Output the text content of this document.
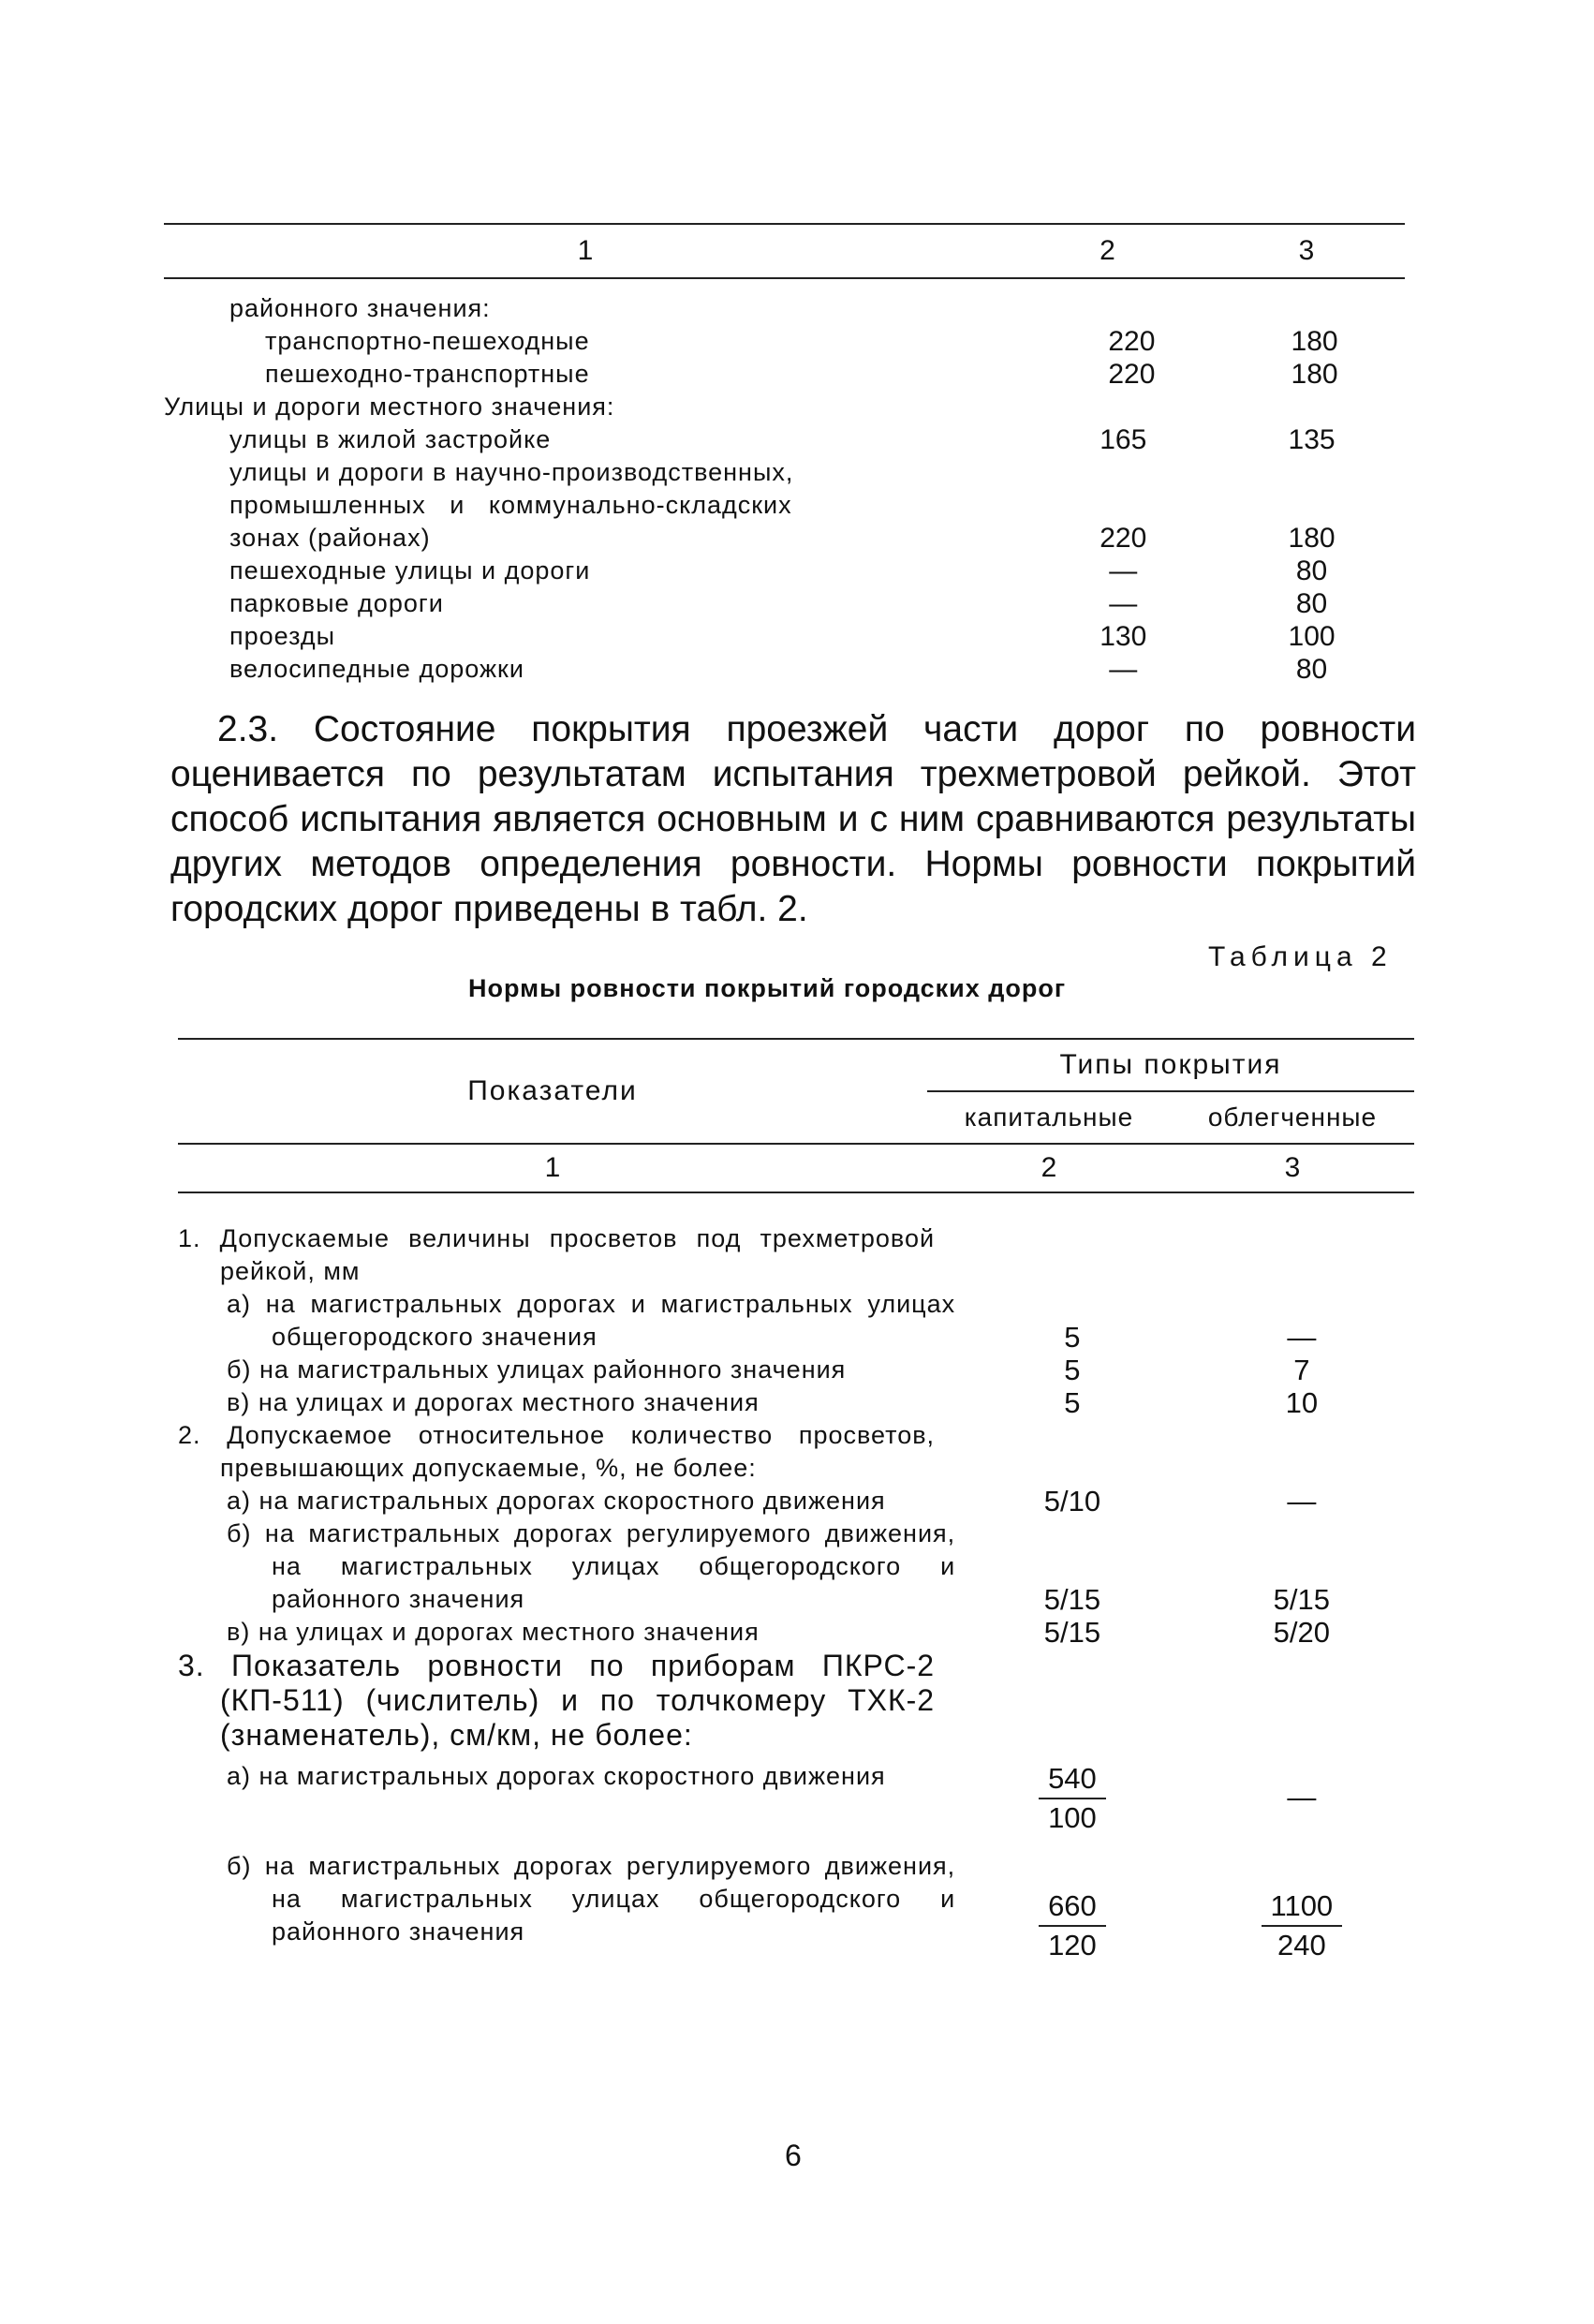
1	2	3
районного значения:
транспортно-пешеходные	220	180
пешеходно-транспортные	220	180
Улицы и дороги местного значения:
улицы в жилой застройке	165	135
улицы и дороги в научно-производственных,
промышленных   и   коммунально-складских
зонах (районах)	220	180
пешеходные улицы и дороги	—	80
парковые дороги	—	80
проезды	130	100
велосипедные дорожки	—	80

2.3. Состояние покрытия проезжей части дорог по ровности оценивается по результатам испытания трехметровой рейкой. Этот способ испытания является основным и с ним сравниваются результаты других методов определения ровности. Нормы ровности покрытий городских дорог приведены в табл. 2.

Таблица 2
Нормы ровности покрытий городских дорог
Показатели
Типы покрытия
капитальные	облегченные
1	2	3
1. Допускаемые величины просветов под трехметровой рейкой, мм
а) на магистральных дорогах и магистральных улицах общегородского значения	5	—
б) на магистральных улицах районного значения	5	7
в) на улицах и дорогах местного значения	5	10
2. Допускаемое относительное количество просветов, превышающих допускаемые, %, не более:
а) на магистральных дорогах скоростного движения	5/10	—
б) на магистральных дорогах регулируемого движения, на магистральных улицах общегородского и районного значения	5/15	5/15
в) на улицах и дорогах местного значения	5/15	5/20
3. Показатель ровности по приборам ПКРС-2 (КП-511) (числитель) и по толчкомеру ТХК-2 (знаменатель), см/км, не более:
а) на магистральных дорогах скоростного движения	$\frac{540}{100}$	—
б) на магистральных дорогах регулируемого движения, на магистральных улицах общегородского и районного значения	$\frac{660}{120}$	$\frac{1100}{240}$
6
